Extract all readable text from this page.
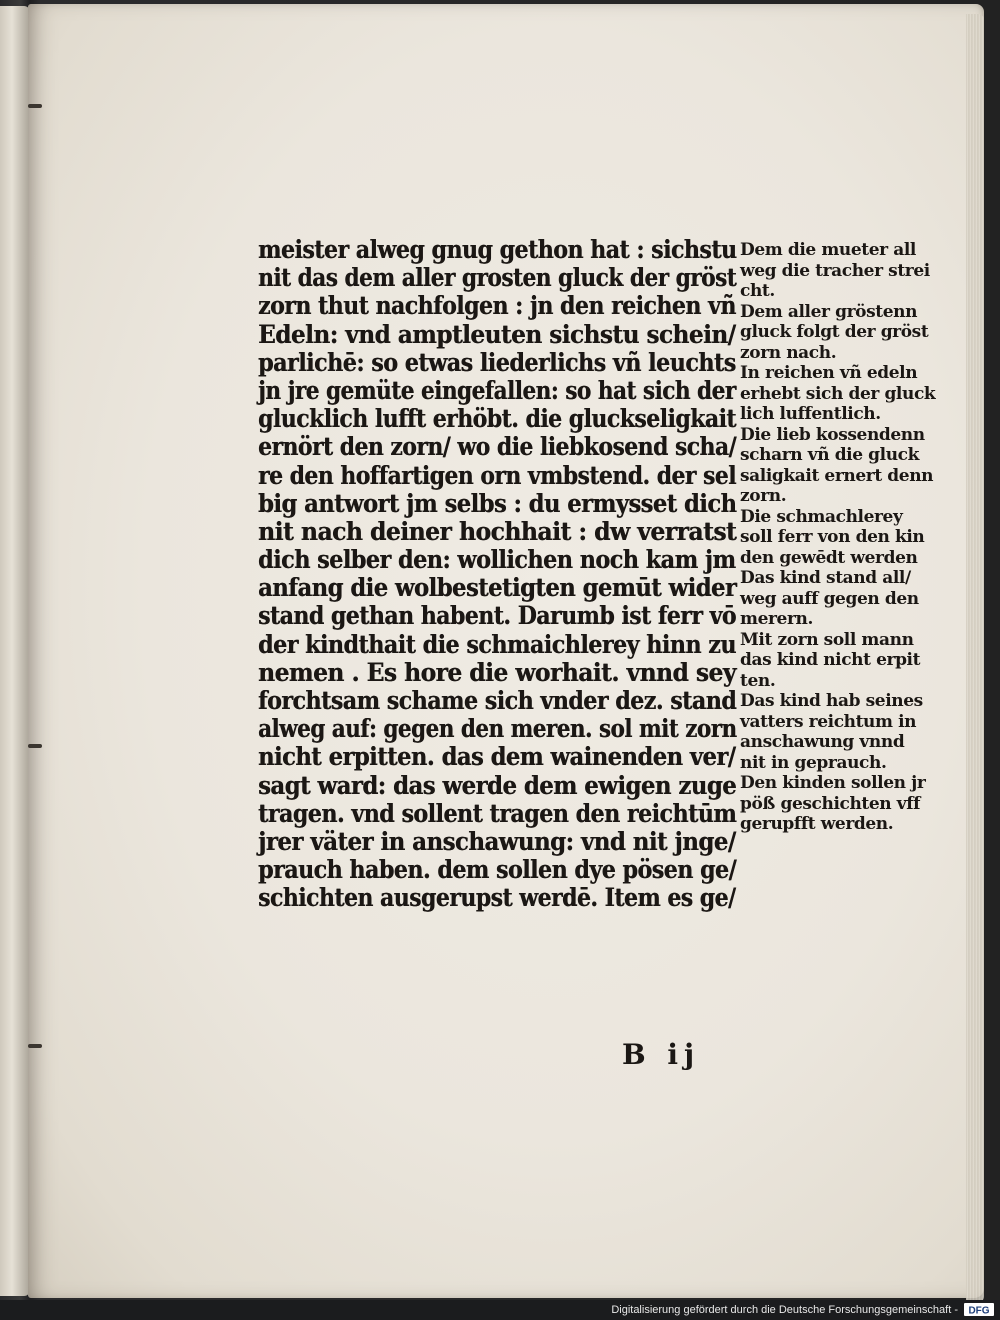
meister alweg gnug gethon hat : sichstu
nit das dem aller grosten gluck der gröst
zorn thut nachfolgen : jn den reichen vñ
Edeln: vnd amptleuten sichstu schein/
parlichē: so etwas liederlichs vñ leuchts
jn jre gemüte eingefallen: so hat sich der
glucklich lufft erhöbt. die gluckseligkait
ernört den zorn/ wo die liebkosend scha/
re den hoffartigen orn vmbstend. der sel
big antwort jm selbs : du ermysset dich
nit nach deiner hochhait : dw verratst
dich selber den: wollichen noch kam jm
anfang die wolbestetigten gemūt wider
stand gethan habent. Darumb ist ferr vō
der kindthait die schmaichlerey hinn zu
nemen . Es hore die worhait. vnnd sey
forchtsam schame sich vnder dez. stand
alweg auf: gegen den meren. sol mit zorn
nicht erpitten. das dem wainenden ver/
sagt ward: das werde dem ewigen zuge
tragen. vnd sollent tragen den reichtūm
jrer väter in anschawung: vnd nit jnge/
prauch haben. dem sollen dye pösen ge/
schichten ausgerupst werdē. Item es ge/
Dem die mueter all
weg die tracher strei
cht.
Dem aller gröstenn
gluck folgt der gröst
zorn nach.
In reichen vñ edeln
erhebt sich der gluck
lich luffentlich.
Die lieb kossendenn
scharn vñ die gluck
saligkait ernert denn
zorn.
Die schmachlerey
soll ferr von den kin
den gewēdt werden
Das kind stand all/
weg auff gegen den
merern.
Mit zorn soll mann
das kind nicht erpit
ten.
Das kind hab seines
vatters reichtum in
anschawung vnnd
nit in geprauch.
Den kinden sollen jr
pöß geschichten vff
gerupfft werden.
B ij
Digitalisierung gefördert durch die Deutsche Forschungsgemeinschaft - DFG
